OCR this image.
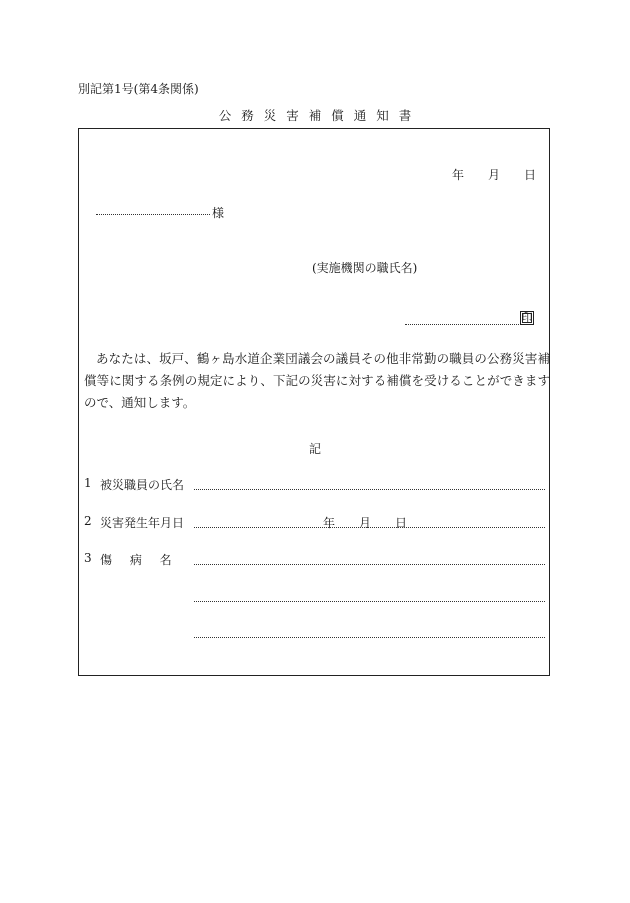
別記第1号(第4条関係)
公務災害補償通知書
年 月 日
様
(実施機関の職氏名)
印
あなたは、坂戸、鶴ヶ島水道企業団議会の議員その他非常勤の職員の公務災害補償等に関する条例の規定により、下記の災害に対する補償を受けることができますので、通知します。
記
1 被災職員の氏名
2 災害発生年月日	年 月 日
3 傷 病 名
